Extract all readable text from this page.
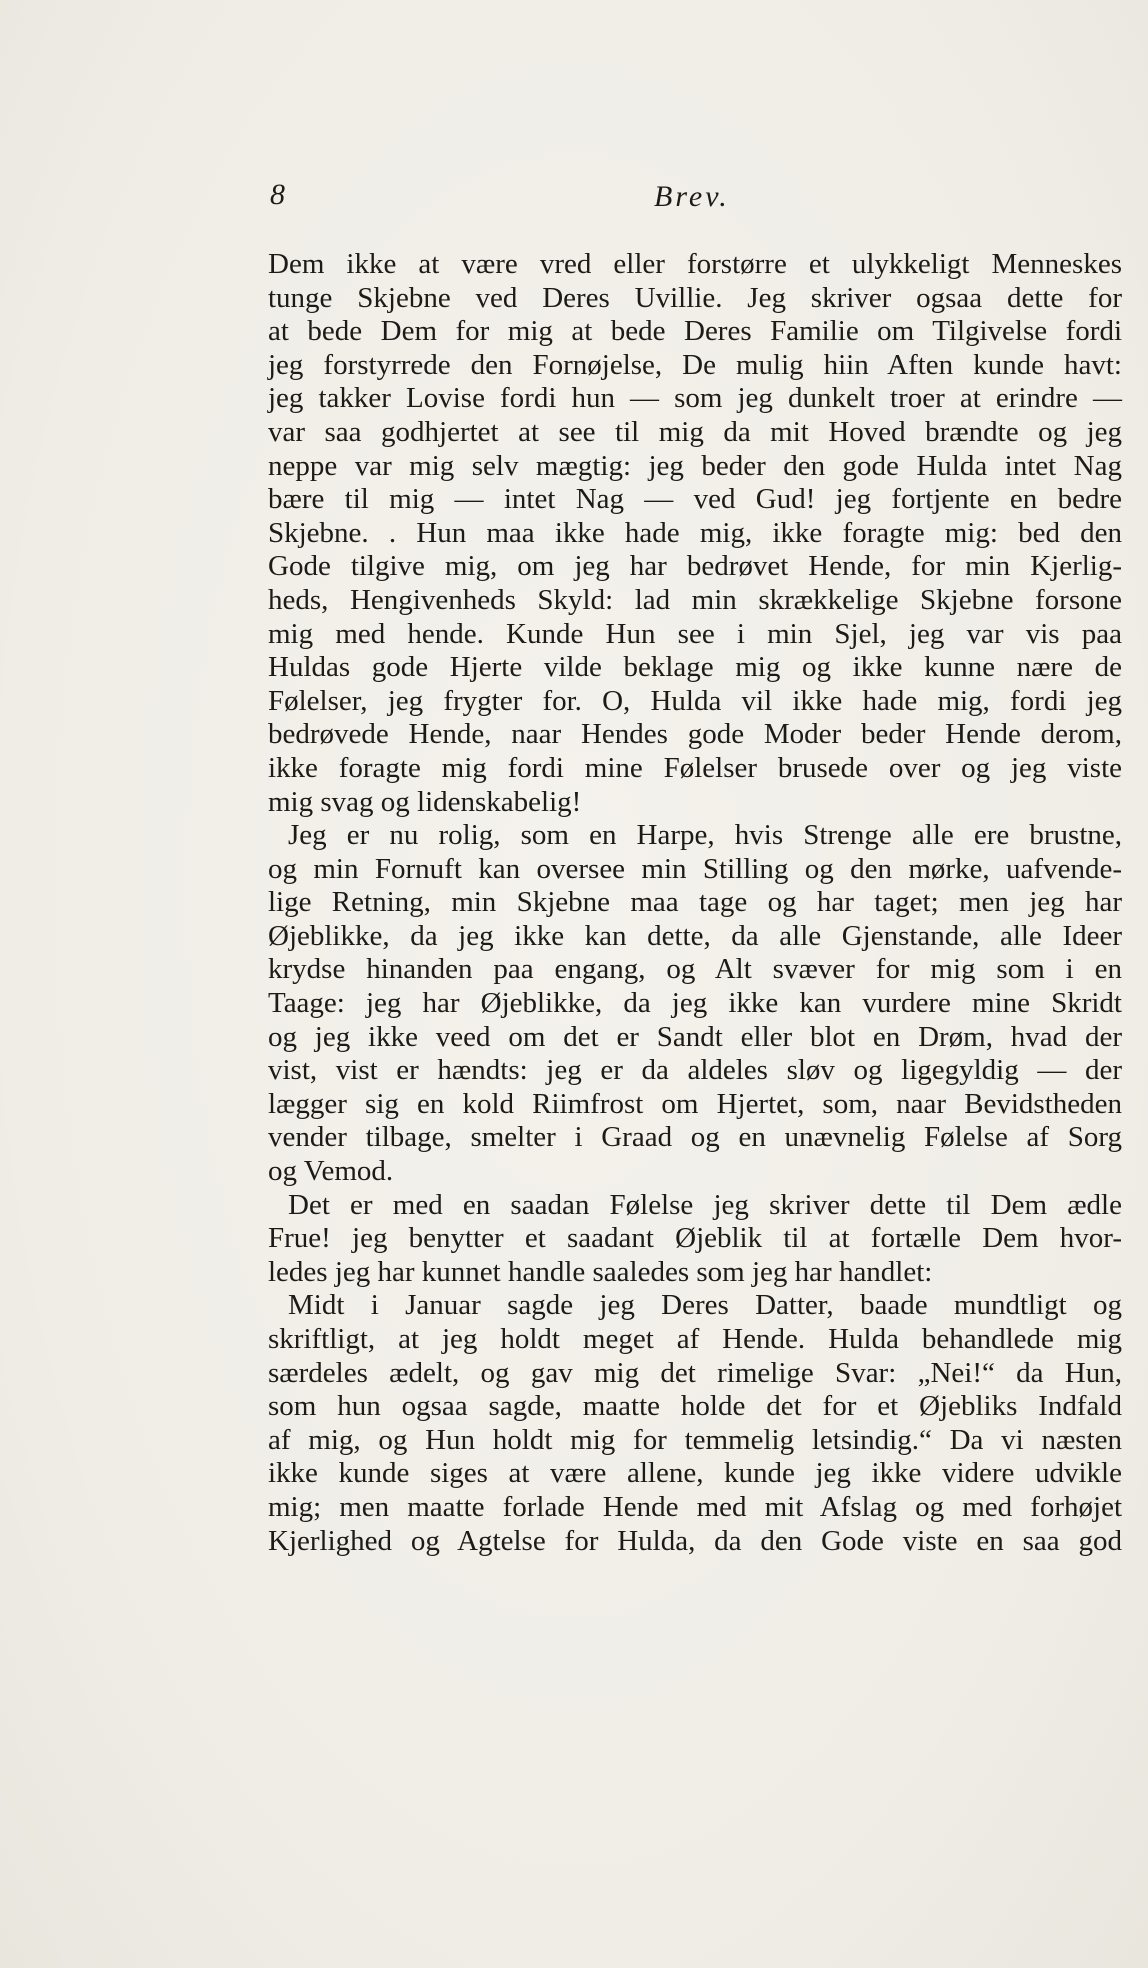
8	Brev.
Dem ikke at være vred eller forstørre et ulykkeligt Menneskes
tunge Skjebne ved Deres Uvillie. Jeg skriver ogsaa dette for
at bede Dem for mig at bede Deres Familie om Tilgivelse fordi
jeg forstyrrede den Fornøjelse, De mulig hiin Aften kunde havt:
jeg takker Lovise fordi hun — som jeg dunkelt troer at erindre —
var saa godhjertet at see til mig da mit Hoved brændte og jeg
neppe var mig selv mægtig: jeg beder den gode Hulda intet Nag
bære til mig — intet Nag — ved Gud! jeg fortjente en bedre
Skjebne. . Hun maa ikke hade mig, ikke foragte mig: bed den
Gode tilgive mig, om jeg har bedrøvet Hende, for min Kjerlig-
heds, Hengivenheds Skyld: lad min skrækkelige Skjebne forsone
mig med hende. Kunde Hun see i min Sjel, jeg var vis paa
Huldas gode Hjerte vilde beklage mig og ikke kunne nære de
Følelser, jeg frygter for. O, Hulda vil ikke hade mig, fordi jeg
bedrøvede Hende, naar Hendes gode Moder beder Hende derom,
ikke foragte mig fordi mine Følelser brusede over og jeg viste
mig svag og lidenskabelig!
Jeg er nu rolig, som en Harpe, hvis Strenge alle ere brustne,
og min Fornuft kan oversee min Stilling og den mørke, uafvende-
lige Retning, min Skjebne maa tage og har taget; men jeg har
Øjeblikke, da jeg ikke kan dette, da alle Gjenstande, alle Ideer
krydse hinanden paa engang, og Alt svæver for mig som i en
Taage: jeg har Øjeblikke, da jeg ikke kan vurdere mine Skridt
og jeg ikke veed om det er Sandt eller blot en Drøm, hvad der
vist, vist er hændts: jeg er da aldeles sløv og ligegyldig — der
lægger sig en kold Riimfrost om Hjertet, som, naar Bevidstheden
vender tilbage, smelter i Graad og en unævnelig Følelse af Sorg
og Vemod.
Det er med en saadan Følelse jeg skriver dette til Dem ædle
Frue! jeg benytter et saadant Øjeblik til at fortælle Dem hvor-
ledes jeg har kunnet handle saaledes som jeg har handlet:
Midt i Januar sagde jeg Deres Datter, baade mundtligt og
skriftligt, at jeg holdt meget af Hende. Hulda behandlede mig
særdeles ædelt, og gav mig det rimelige Svar: „Nei!“ da Hun,
som hun ogsaa sagde, maatte holde det for et Øjebliks Indfald
af mig, og Hun holdt mig for temmelig letsindig.“ Da vi næsten
ikke kunde siges at være allene, kunde jeg ikke videre udvikle
mig; men maatte forlade Hende med mit Afslag og med forhøjet
Kjerlighed og Agtelse for Hulda, da den Gode viste en saa god
